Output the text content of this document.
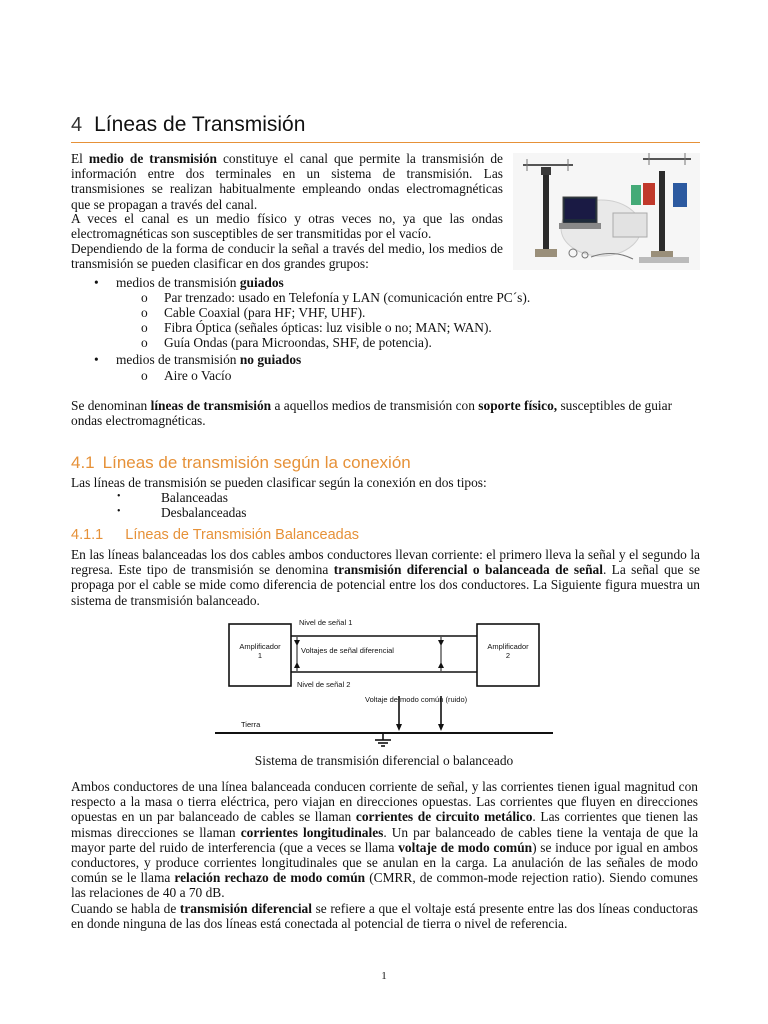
4 Líneas de Transmisión
El medio de transmisión constituye el canal que permite la transmisión de información entre dos terminales en un sistema de transmisión. Las transmisiones se realizan habitualmente empleando ondas electromagnéticas que se propagan a través del canal.
A veces el canal es un medio físico y otras veces no, ya que las ondas electromagnéticas son susceptibles de ser transmitidas por el vacío.
Dependiendo de la forma de conducir la señal a través del medio, los medios de transmisión se pueden clasificar en dos grandes grupos:
• medios de transmisión guiados
o Par trenzado: usado en Telefonía y LAN (comunicación entre PC´s).
o Cable Coaxial (para HF; VHF, UHF).
o Fibra Óptica (señales ópticas: luz visible o no; MAN; WAN).
o Guía Ondas (para Microondas, SHF, de potencia).
• medios de transmisión no guiados
o Aire o Vacío
Se denominan líneas de transmisión a aquellos medios de transmisión con soporte físico, susceptibles de guiar ondas electromagnéticas.
4.1 Líneas de transmisión según la conexión
Las líneas de transmisión se pueden clasificar según la conexión en dos tipos:
•	Balanceadas
•	Desbalanceadas
4.1.1 Líneas de Transmisión Balanceadas
En las líneas balanceadas los dos cables ambos conductores llevan corriente: el primero lleva la señal y el segundo la regresa. Este tipo de transmisión se denomina transmisión diferencial o balanceada de señal. La señal que se propaga por el cable se mide como diferencia de potencial entre los dos conductores. La Siguiente figura muestra un sistema de transmisión balanceado.
Amplificador
1
Amplificador
2
Nivel de señal 1
Nivel de señal 2
Voltajes de señal diferencial
Voltaje de modo común (ruido)
Tierra
Sistema de transmisión diferencial o balanceado
Ambos conductores de una línea balanceada conducen corriente de señal, y las corrientes tienen igual magnitud con respecto a la masa o tierra eléctrica, pero viajan en direcciones opuestas. Las corrientes que fluyen en direcciones opuestas en un par balanceado de cables se llaman corrientes de circuito metálico. Las corrientes que tienen las mismas direcciones se llaman corrientes longitudinales. Un par balanceado de cables tiene la ventaja de que la mayor parte del ruido de interferencia (que a veces se llama voltaje de modo común) se induce por igual en ambos conductores, y produce corrientes longitudinales que se anulan en la carga. La anulación de las señales de modo común se le llama relación rechazo de modo común (CMRR, de common-mode rejection ratio). Siendo comunes las relaciones de 40 a 70 dB.
Cuando se habla de transmisión diferencial se refiere a que el voltaje está presente entre las dos líneas conductoras en donde ninguna de las dos líneas está conectada al potencial de tierra o nivel de referencia.
1
